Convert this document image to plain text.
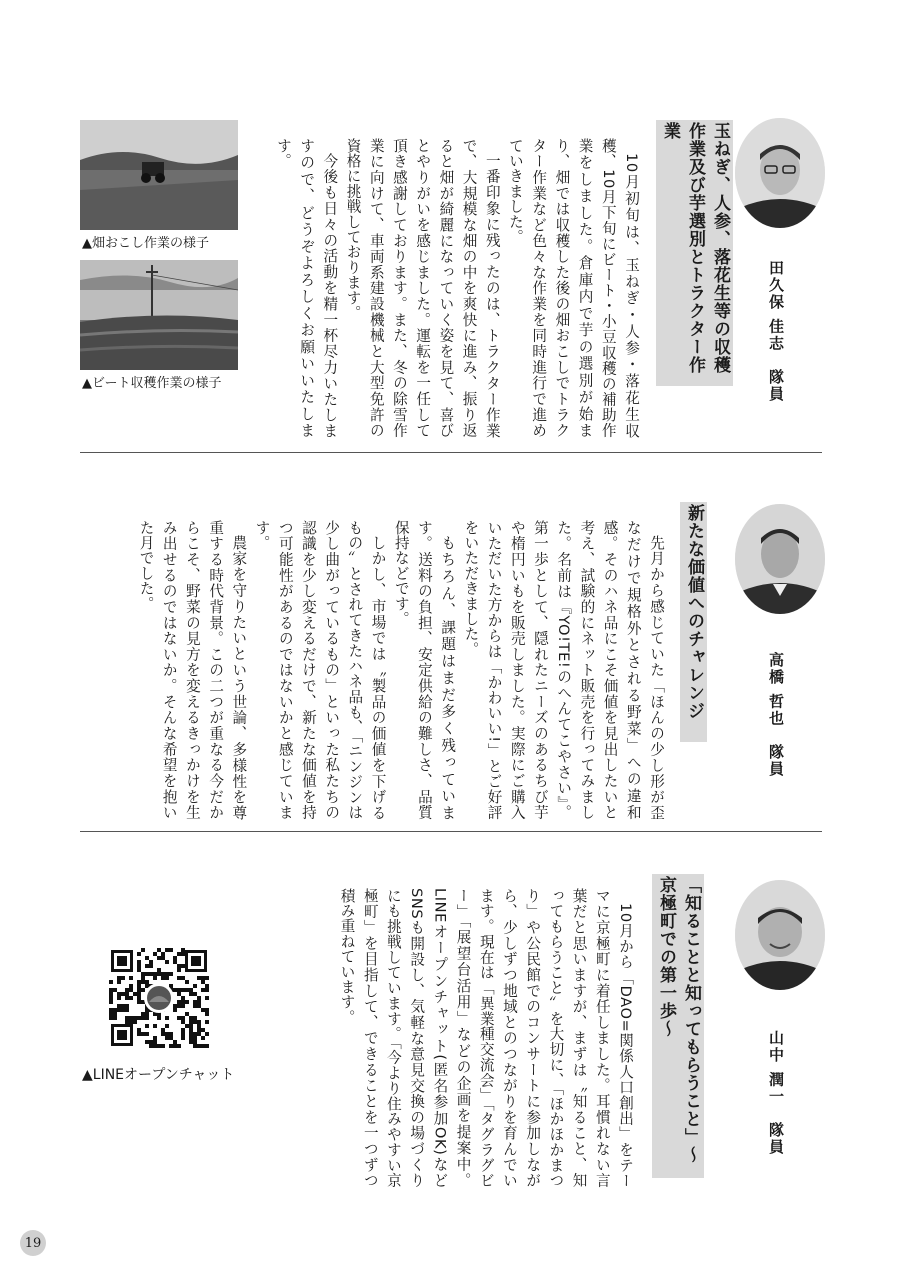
田久保 佳志 隊員
玉ねぎ、人参、落花生等の収穫作業及び芋選別とトラクター作業

10月初旬は、玉ねぎ・人参・落花生収穫、10月下旬にビート・小豆収穫の補助作業をしました。倉庫内で芋の選別が始まり、畑では収穫した後の畑おこしでトラクター作業など色々な作業を同時進行で進めていきました。

一番印象に残ったのは、トラクター作業で、大規模な畑の中を爽快に進み、振り返ると畑が綺麗になっていく姿を見て、喜びとやりがいを感じました。運転を一任して頂き感謝しております。また、冬の除雪作業に向けて、車両系建設機械と大型免許の資格に挑戦しております。

今後も日々の活動を精一杯尽力いたしますので、どうぞよろしくお願いいたします。

▲畑おこし作業の様子
▲ビート収穫作業の様子
高橋 哲也 隊員
新たな価値へのチャレンジ

先月から感じていた「ほんの少し形が歪なだけで規格外とされる野菜」への違和感。そのハネ品にこそ価値を見出したいと考え、試験的にネット販売を行ってみました。名前は『YO!TE!のへんてこやさい』。第一歩として、隠れたニーズのあるちび芋や楕円いもを販売しました。実際にご購入いただいた方からは「かわいい!」とご好評をいただきました。

もちろん、課題はまだ多く残っています。送料の負担、安定供給の難しさ、品質保持などです。

しかし、市場では〝製品の価値を下げるもの〟とされてきたハネ品も、「ニンジンは少し曲がっているもの」といった私たちの認識を少し変えるだけで、新たな価値を持つ可能性があるのではないかと感じています。

農家を守りたいという世論、多様性を尊重する時代背景。この二つが重なる今だからこそ、野菜の見方を変えるきっかけを生み出せるのではないか。そんな希望を抱いた月でした。

山中 潤一 隊員
「知ることと知ってもらうこと」〜京極町での第一歩〜

10月から「DAO=関係人口創出」をテーマに京極町に着任しました。耳慣れない言葉だと思いますが、まずは〝知ること、知ってもらうこと〟を大切に、「ほかほかまつり」や公民館でのコンサートに参加しながら、少しずつ地域とのつながりを育んでいます。現在は「異業種交流会」「タグラグビー」「展望台活用」などの企画を提案中。LINEオープンチャット(匿名参加OK)などSNSも開設し、気軽な意見交換の場づくりにも挑戦しています。「今より住みやすい京極町」を目指して、できることを一つずつ積み重ねています。

▲LINEオープンチャット
19
